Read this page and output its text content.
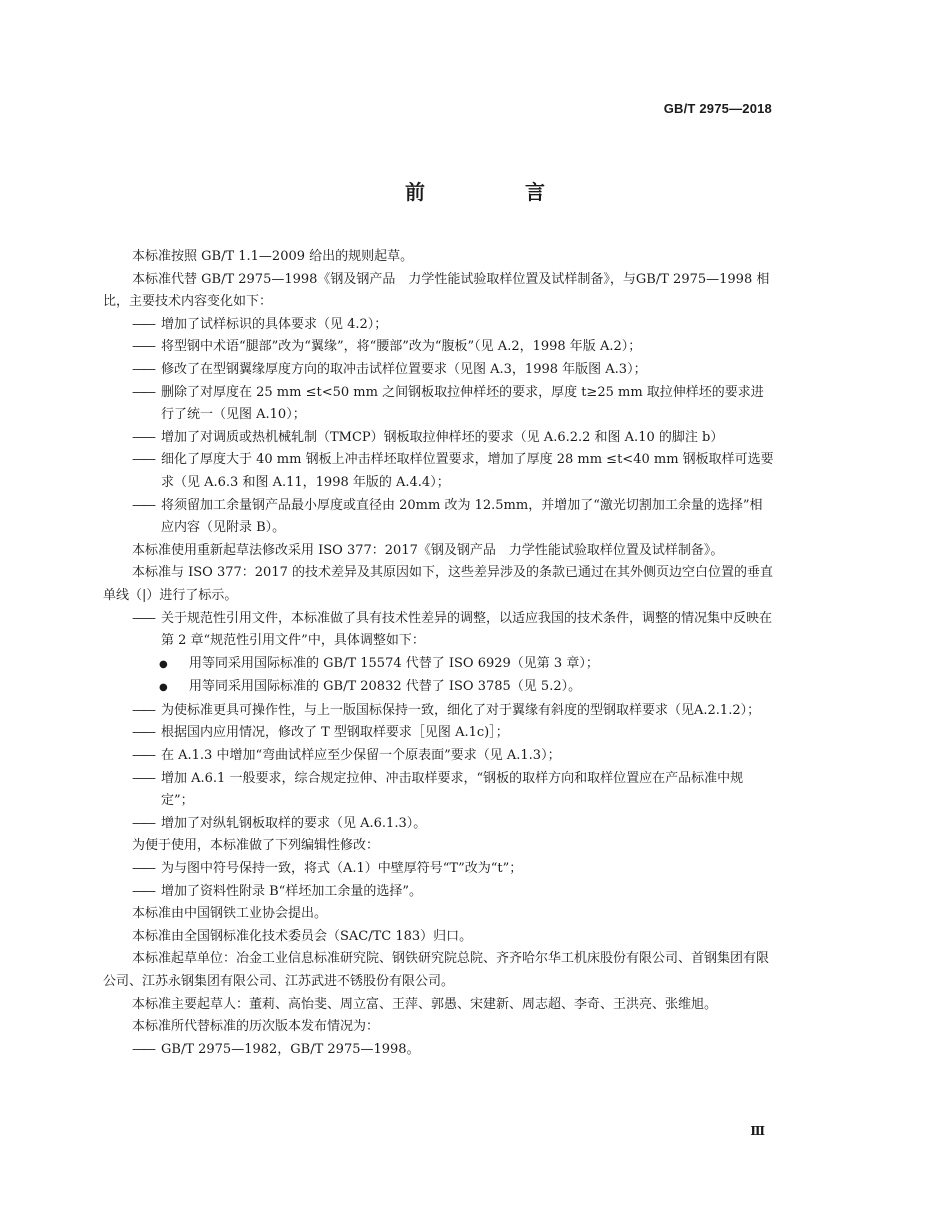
GB/T 2975—2018
前　言

本标准按照 GB/T 1.1—2009 给出的规则起草。

本标准代替 GB/T 2975—1998《钢及钢产品　力学性能试验取样位置及试样制备》，与GB/T 2975—1998 相比，主要技术内容变化如下：

—— 增加了试样标识的具体要求（见 4.2）；

—— 将型钢中术语“腿部”改为“翼缘”，将“腰部”改为“腹板”（见 A.2，1998 年版 A.2）；

—— 修改了在型钢翼缘厚度方向的取冲击试样位置要求（见图 A.3，1998 年版图 A.3）；

—— 删除了对厚度在 25 mm ≤t<50 mm 之间钢板取拉伸样坯的要求，厚度 t≥25 mm 取拉伸样坯的要求进行了统一（见图 A.10）；

—— 增加了对调质或热机械轧制（TMCP）钢板取拉伸样坯的要求（见 A.6.2.2 和图 A.10 的脚注 b）

—— 细化了厚度大于 40 mm 钢板上冲击样坯取样位置要求，增加了厚度 28 mm ≤t<40 mm 钢板取样可选要求（见 A.6.3 和图 A.11，1998 年版的 A.4.4）；

—— 将须留加工余量钢产品最小厚度或直径由 20mm 改为 12.5mm，并增加了“激光切割加工余量的选择”相应内容（见附录 B）。

本标准使用重新起草法修改采用 ISO 377：2017《钢及钢产品　力学性能试验取样位置及试样制备》。

本标准与 ISO 377：2017 的技术差异及其原因如下，这些差异涉及的条款已通过在其外侧页边空白位置的垂直单线（|）进行了标示。

—— 关于规范性引用文件，本标准做了具有技术性差异的调整，以适应我国的技术条件，调整的情况集中反映在第 2 章“规范性引用文件”中，具体调整如下：

● 用等同采用国际标准的 GB/T 15574 代替了 ISO 6929（见第 3 章）；

● 用等同采用国际标准的 GB/T 20832 代替了 ISO 3785（见 5.2）。

—— 为使标准更具可操作性，与上一版国标保持一致，细化了对于翼缘有斜度的型钢取样要求（见A.2.1.2）；

—— 根据国内应用情况，修改了 T 型钢取样要求［见图 A.1c)］；

—— 在 A.1.3 中增加“弯曲试样应至少保留一个原表面”要求（见 A.1.3）；

—— 增加 A.6.1 一般要求，综合规定拉伸、冲击取样要求，“钢板的取样方向和取样位置应在产品标准中规定”；

—— 增加了对纵轧钢板取样的要求（见 A.6.1.3）。

为便于使用，本标准做了下列编辑性修改：

—— 为与图中符号保持一致，将式（A.1）中壁厚符号“T”改为“t”；

—— 增加了资料性附录 B“样坯加工余量的选择”。

本标准由中国钢铁工业协会提出。

本标准由全国钢标准化技术委员会（SAC/TC 183）归口。

本标准起草单位：冶金工业信息标准研究院、钢铁研究院总院、齐齐哈尔华工机床股份有限公司、首钢集团有限公司、江苏永钢集团有限公司、江苏武进不锈股份有限公司。

本标准主要起草人：董莉、高怡斐、周立富、王萍、郭愚、宋建新、周志超、李奇、王洪亮、张维旭。

本标准所代替标准的历次版本发布情况为：

—— GB/T 2975—1982，GB/T 2975—1998。

Ⅲ
